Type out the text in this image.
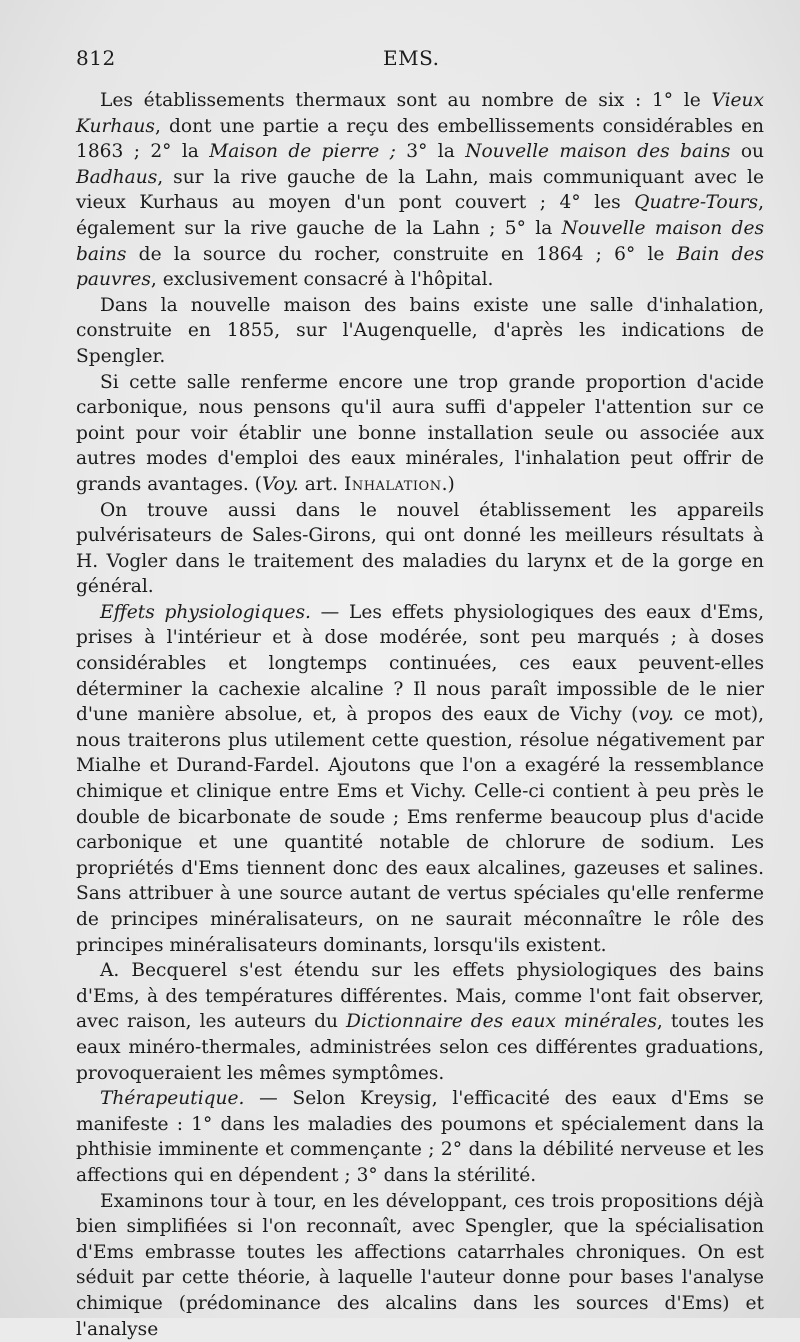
812	EMS.

Les établissements thermaux sont au nombre de six : 1° le Vieux Kurhaus, dont une partie a reçu des embellissements considérables en 1863 ; 2° la Maison de pierre ; 3° la Nouvelle maison des bains ou Badhaus, sur la rive gauche de la Lahn, mais communiquant avec le vieux Kurhaus au moyen d'un pont couvert ; 4° les Quatre-Tours, également sur la rive gauche de la Lahn ; 5° la Nouvelle maison des bains de la source du rocher, construite en 1864 ; 6° le Bain des pauvres, exclusivement consacré à l'hôpital.

Dans la nouvelle maison des bains existe une salle d'inhalation, construite en 1855, sur l'Augenquelle, d'après les indications de Spengler.

Si cette salle renferme encore une trop grande proportion d'acide carbonique, nous pensons qu'il aura suffi d'appeler l'attention sur ce point pour voir établir une bonne installation seule ou associée aux autres modes d'emploi des eaux minérales, l'inhalation peut offrir de grands avantages. (Voy. art. Inhalation.)

On trouve aussi dans le nouvel établissement les appareils pulvérisateurs de Sales-Girons, qui ont donné les meilleurs résultats à H. Vogler dans le traitement des maladies du larynx et de la gorge en général.

Effets physiologiques. — Les effets physiologiques des eaux d'Ems, prises à l'intérieur et à dose modérée, sont peu marqués ; à doses considérables et longtemps continuées, ces eaux peuvent-elles déterminer la cachexie alcaline ? Il nous paraît impossible de le nier d'une manière absolue, et, à propos des eaux de Vichy (voy. ce mot), nous traiterons plus utilement cette question, résolue négativement par Mialhe et Durand-Fardel. Ajoutons que l'on a exagéré la ressemblance chimique et clinique entre Ems et Vichy. Celle-ci contient à peu près le double de bicarbonate de soude ; Ems renferme beaucoup plus d'acide carbonique et une quantité notable de chlorure de sodium. Les propriétés d'Ems tiennent donc des eaux alcalines, gazeuses et salines. Sans attribuer à une source autant de vertus spéciales qu'elle renferme de principes minéralisateurs, on ne saurait méconnaître le rôle des principes minéralisateurs dominants, lorsqu'ils existent.

A. Becquerel s'est étendu sur les effets physiologiques des bains d'Ems, à des températures différentes. Mais, comme l'ont fait observer, avec raison, les auteurs du Dictionnaire des eaux minérales, toutes les eaux minéro-thermales, administrées selon ces différentes graduations, provoqueraient les mêmes symptômes.

Thérapeutique. — Selon Kreysig, l'efficacité des eaux d'Ems se manifeste : 1° dans les maladies des poumons et spécialement dans la phthisie imminente et commençante ; 2° dans la débilité nerveuse et les affections qui en dépendent ; 3° dans la stérilité.

Examinons tour à tour, en les développant, ces trois propositions déjà bien simplifiées si l'on reconnaît, avec Spengler, que la spécialisation d'Ems embrasse toutes les affections catarrhales chroniques. On est séduit par cette théorie, à laquelle l'auteur donne pour bases l'analyse chimique (prédominance des alcalins dans les sources d'Ems) et l'analyse
